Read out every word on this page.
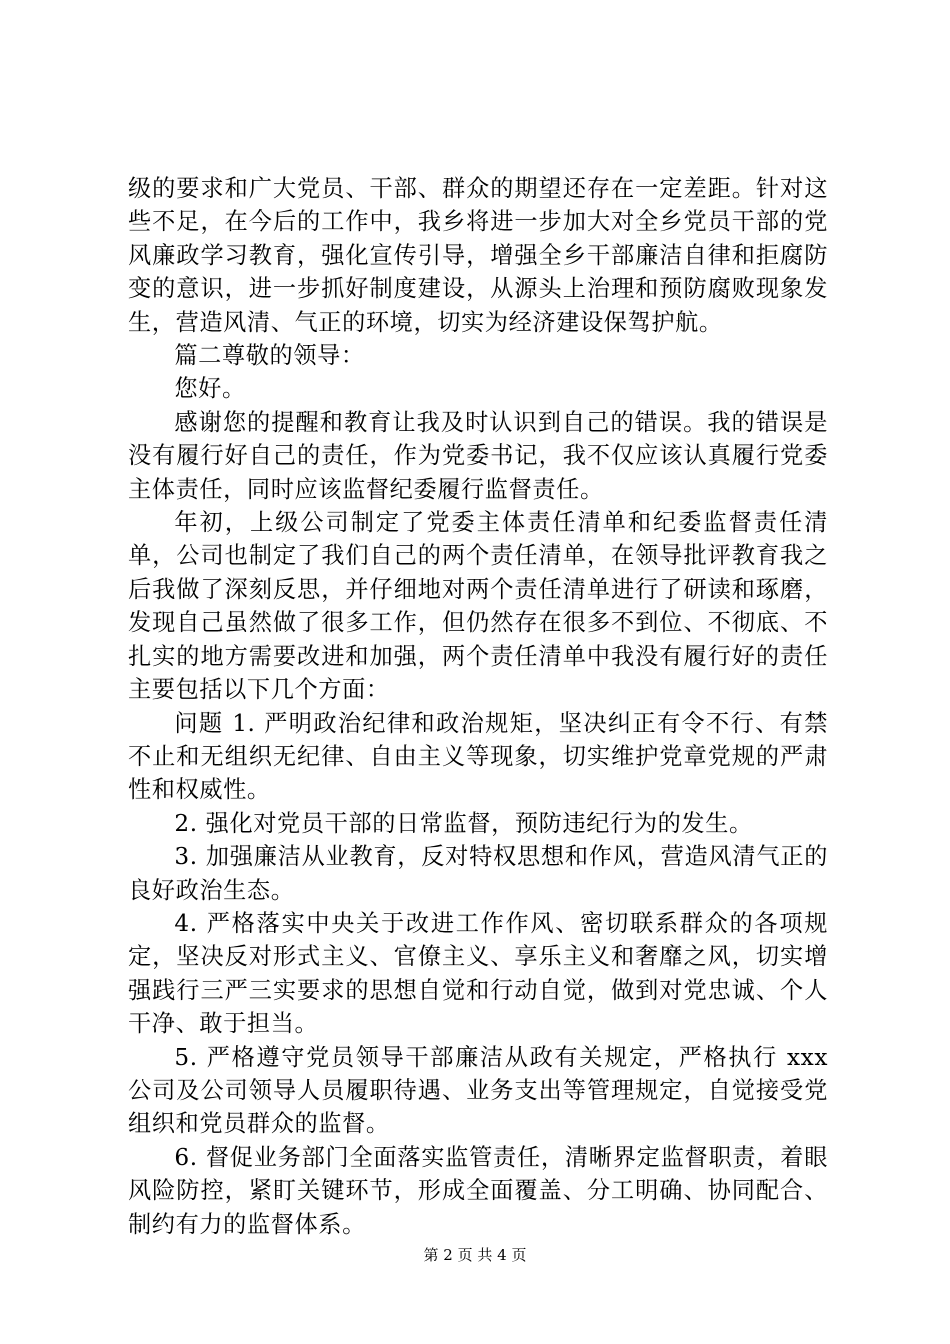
级的要求和广大党员、干部、群众的期望还存在一定差距。针对这些不足，在今后的工作中，我乡将进一步加大对全乡党员干部的党风廉政学习教育，强化宣传引导，增强全乡干部廉洁自律和拒腐防变的意识，进一步抓好制度建设，从源头上治理和预防腐败现象发生，营造风清、气正的环境，切实为经济建设保驾护航。

篇二尊敬的领导：

您好。

感谢您的提醒和教育让我及时认识到自己的错误。我的错误是没有履行好自己的责任，作为党委书记，我不仅应该认真履行党委主体责任，同时应该监督纪委履行监督责任。

年初，上级公司制定了党委主体责任清单和纪委监督责任清单，公司也制定了我们自己的两个责任清单，在领导批评教育我之后我做了深刻反思，并仔细地对两个责任清单进行了研读和琢磨，发现自己虽然做了很多工作，但仍然存在很多不到位、不彻底、不扎实的地方需要改进和加强，两个责任清单中我没有履行好的责任主要包括以下几个方面：

问题 1. 严明政治纪律和政治规矩，坚决纠正有令不行、有禁不止和无组织无纪律、自由主义等现象，切实维护党章党规的严肃性和权威性。

2. 强化对党员干部的日常监督，预防违纪行为的发生。

3. 加强廉洁从业教育，反对特权思想和作风，营造风清气正的良好政治生态。

4. 严格落实中央关于改进工作作风、密切联系群众的各项规定，坚决反对形式主义、官僚主义、享乐主义和奢靡之风，切实增强践行三严三实要求的思想自觉和行动自觉，做到对党忠诚、个人干净、敢于担当。

5. 严格遵守党员领导干部廉洁从政有关规定，严格执行 xxx 公司及公司领导人员履职待遇、业务支出等管理规定，自觉接受党组织和党员群众的监督。

6. 督促业务部门全面落实监管责任，清晰界定监督职责，着眼风险防控，紧盯关键环节，形成全面覆盖、分工明确、协同配合、制约有力的监督体系。

第 2 页 共 4 页
